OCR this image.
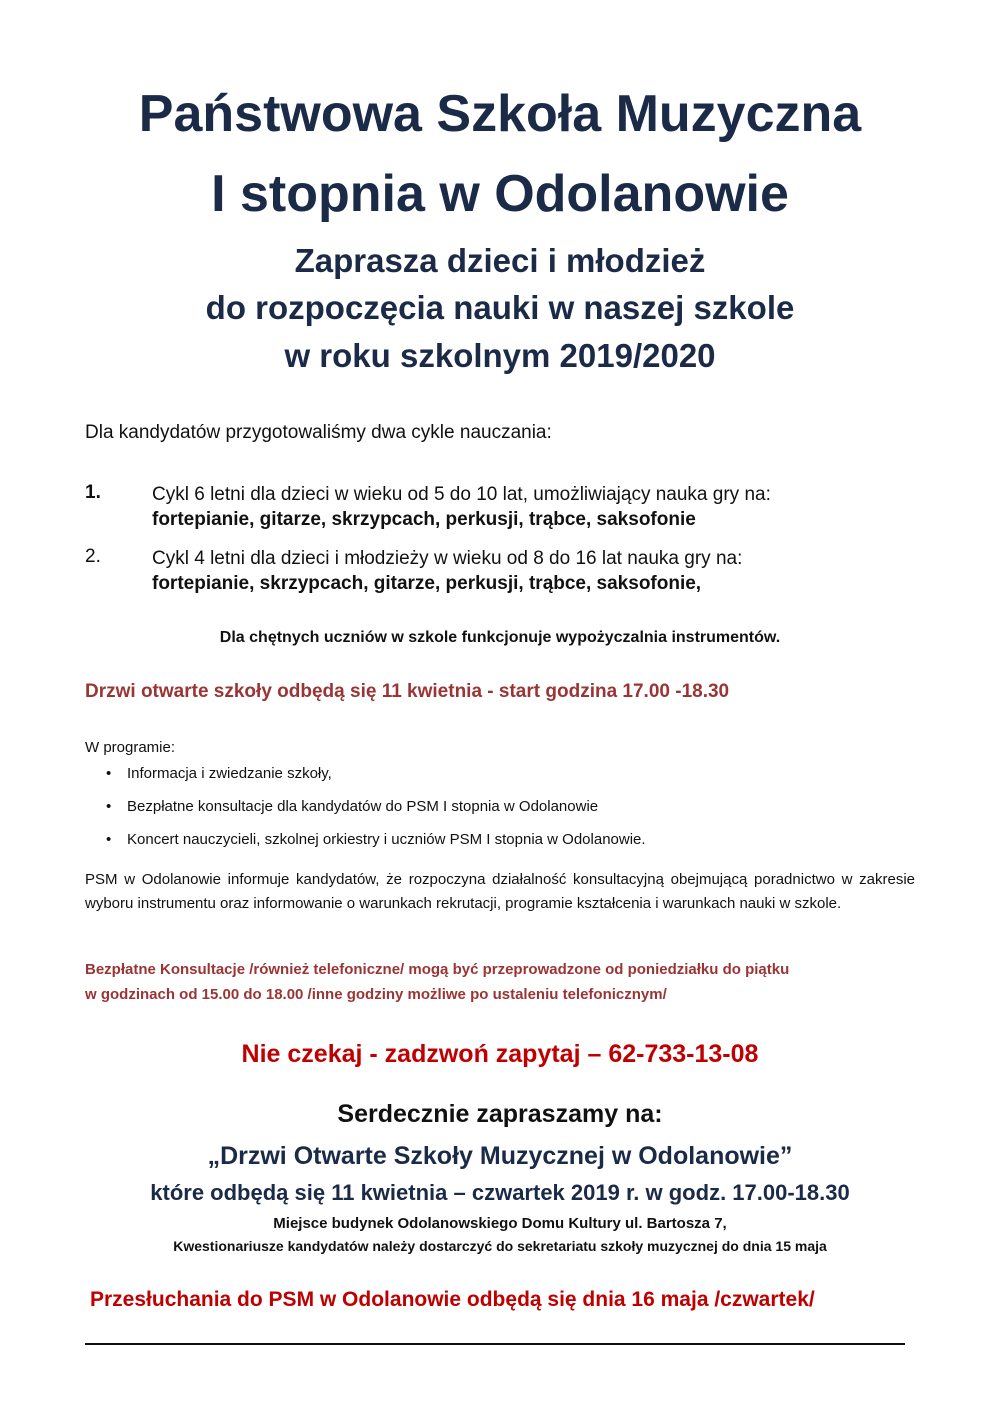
Państwowa Szkoła Muzyczna
I stopnia w Odolanowie
Zaprasza dzieci i młodzież
do rozpoczęcia nauki w naszej szkole
w roku szkolnym 2019/2020
Dla kandydatów przygotowaliśmy dwa cykle nauczania:
1.	Cykl 6 letni dla dzieci w wieku od 5 do 10 lat, umożliwiający nauka gry na:
fortepianie, gitarze, skrzypcach, perkusji, trąbce, saksofonie
2.	Cykl 4 letni dla dzieci i młodzieży w wieku od 8 do 16 lat nauka gry na:
fortepianie, skrzypcach, gitarze, perkusji, trąbce, saksofonie,
Dla chętnych uczniów w szkole funkcjonuje wypożyczalnia instrumentów.
Drzwi otwarte szkoły odbędą się 11 kwietnia - start godzina 17.00 -18.30
W programie:
• Informacja i zwiedzanie szkoły,
• Bezpłatne konsultacje dla kandydatów do PSM I stopnia w Odolanowie
• Koncert nauczycieli, szkolnej orkiestry i uczniów PSM I stopnia w Odolanowie.
PSM w Odolanowie informuje kandydatów, że rozpoczyna działalność konsultacyjną obejmującą poradnictwo w zakresie wyboru instrumentu oraz informowanie o warunkach rekrutacji, programie kształcenia i warunkach nauki w szkole.
Bezpłatne Konsultacje /również telefoniczne/ mogą być przeprowadzone od poniedziałku do piątku
w godzinach od 15.00 do 18.00 /inne godziny możliwe po ustaleniu telefonicznym/
Nie czekaj - zadzwoń zapytaj – 62-733-13-08
Serdecznie zapraszamy na:
„Drzwi Otwarte Szkoły Muzycznej w Odolanowie”
które odbędą się 11 kwietnia – czwartek 2019 r. w godz. 17.00-18.30
Miejsce budynek Odolanowskiego Domu Kultury ul. Bartosza 7,
Kwestionariusze kandydatów należy dostarczyć do sekretariatu szkoły muzycznej do dnia 15 maja
Przesłuchania do PSM w Odolanowie odbędą się dnia 16 maja /czwartek/
